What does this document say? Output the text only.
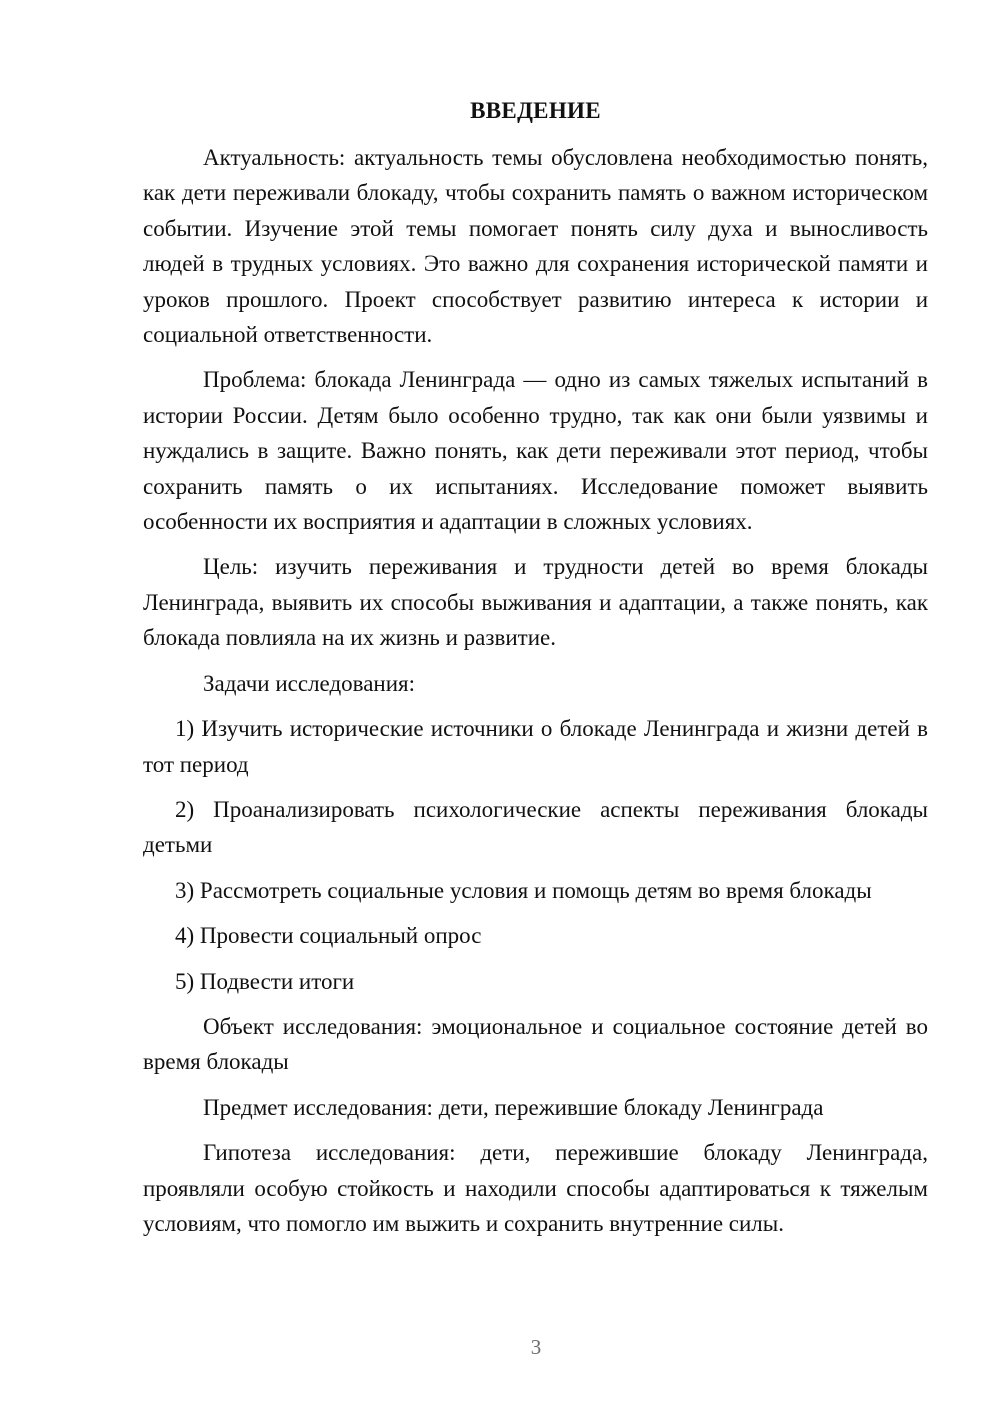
ВВЕДЕНИЕ

Актуальность: актуальность темы обусловлена необходимостью понять, как дети переживали блокаду, чтобы сохранить память о важном историческом событии. Изучение этой темы помогает понять силу духа и выносливость людей в трудных условиях. Это важно для сохранения исторической памяти и уроков прошлого. Проект способствует развитию интереса к истории и социальной ответственности.

Проблема: блокада Ленинграда — одно из самых тяжелых испытаний в истории России. Детям было особенно трудно, так как они были уязвимы и нуждались в защите. Важно понять, как дети переживали этот период, чтобы сохранить память о их испытаниях. Исследование поможет выявить особенности их восприятия и адаптации в сложных условиях.

Цель: изучить переживания и трудности детей во время блокады Ленинграда, выявить их способы выживания и адаптации, а также понять, как блокада повлияла на их жизнь и развитие.

Задачи исследования:

1) Изучить исторические источники о блокаде Ленинграда и жизни детей в тот период

2) Проанализировать психологические аспекты переживания блокады детьми

3) Рассмотреть социальные условия и помощь детям во время блокады

4) Провести социальный опрос

5) Подвести итоги

Объект исследования: эмоциональное и социальное состояние детей во время блокады

Предмет исследования: дети, пережившие блокаду Ленинграда

Гипотеза исследования: дети, пережившие блокаду Ленинграда, проявляли особую стойкость и находили способы адаптироваться к тяжелым условиям, что помогло им выжить и сохранить внутренние силы.

3
